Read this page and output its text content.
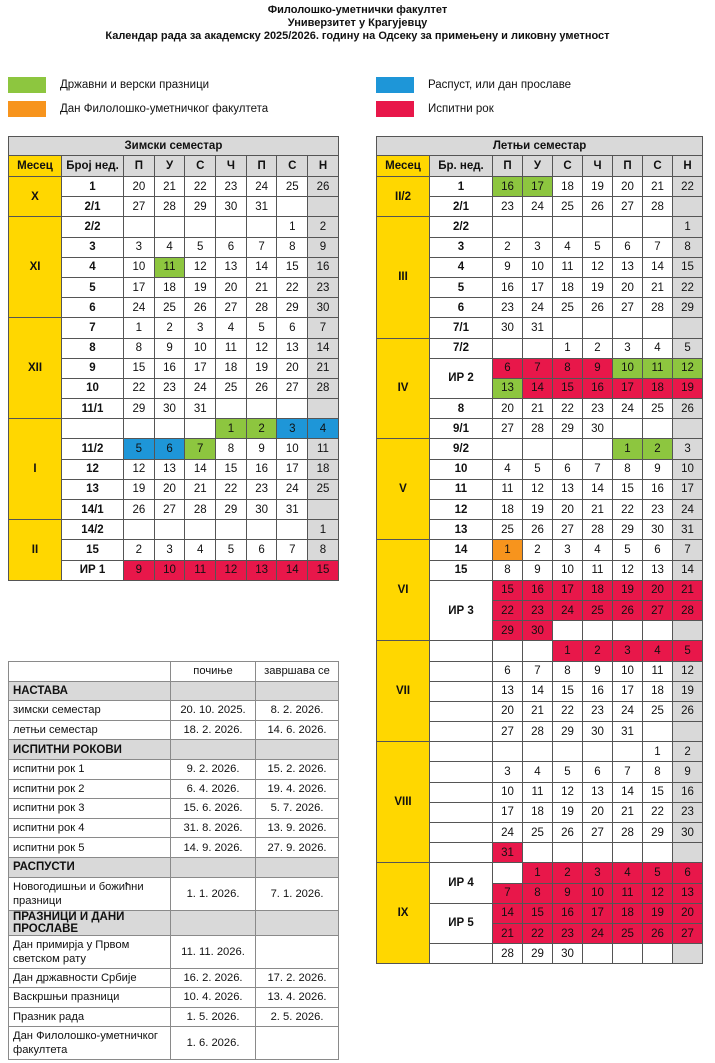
Филолошко-уметнички факултет
Универзитет у Крагујевцу
Календар рада за академску 2025/2026. годину на Одсеку за примењену и ликовну уметност
Државни и верски празници
Дан Филолошко-уметничког факултета
Распуст, или дан прославе
Испитни рок
Зимски семестар								
Месец	Број нед.	П	У	С	Ч	П	С	Н
X	1	20	21	22	23	24	25	26
	2/1	27	28	29	30	31		
XI	2/2						1	2
	3	3	4	5	6	7	8	9
	4	10	11	12	13	14	15	16
	5	17	18	19	20	21	22	23
	6	24	25	26	27	28	29	30
XII	7	1	2	3	4	5	6	7
	8	8	9	10	11	12	13	14
	9	15	16	17	18	19	20	21
	10	22	23	24	25	26	27	28
	11/1	29	30	31				
I					1	2	3	4
	11/2	5	6	7	8	9	10	11
	12	12	13	14	15	16	17	18
	13	19	20	21	22	23	24	25
	14/1	26	27	28	29	30	31	
II	14/2							1
	15	2	3	4	5	6	7	8
	ИР 1	9	10	11	12	13	14	15
Летњи семестар								
Месец	Бр. нед.	П	У	С	Ч	П	С	Н
II/2	1	16	17	18	19	20	21	22
	2/1	23	24	25	26	27	28	
III	2/2							1
	3	2	3	4	5	6	7	8
	4	9	10	11	12	13	14	15
	5	16	17	18	19	20	21	22
	6	23	24	25	26	27	28	29
	7/1	30	31					
IV	7/2			1	2	3	4	5
	ИР 2	6	7	8	9	10	11	12
		13	14	15	16	17	18	19
	8	20	21	22	23	24	25	26
	9/1	27	28	29	30			
V	9/2					1	2	3
	10	4	5	6	7	8	9	10
	11	11	12	13	14	15	16	17
	12	18	19	20	21	22	23	24
	13	25	26	27	28	29	30	31
VI	14	1	2	3	4	5	6	7
	15	8	9	10	11	12	13	14
	ИР 3	15	16	17	18	19	20	21
		22	23	24	25	26	27	28
		29	30					
VII				1	2	3	4	5
		6	7	8	9	10	11	12
		13	14	15	16	17	18	19
		20	21	22	23	24	25	26
		27	28	29	30	31		
VIII							1	2
		3	4	5	6	7	8	9
		10	11	12	13	14	15	16
		17	18	19	20	21	22	23
		24	25	26	27	28	29	30
		31						
IX	ИР 4		1	2	3	4	5	6
		7	8	9	10	11	12	13
	ИР 5	14	15	16	17	18	19	20
		21	22	23	24	25	26	27
		28	29	30				
	почиње	завршава се
НАСТАВА		
зимски семестар	20. 10. 2025.	8. 2. 2026.
летњи семестар	18. 2. 2026.	14. 6. 2026.
ИСПИТНИ РОКОВИ		
испитни рок 1	9. 2. 2026.	15. 2. 2026.
испитни рок 2	6. 4. 2026.	19. 4. 2026.
испитни рок 3	15. 6. 2026.	5. 7. 2026.
испитни рок 4	31. 8. 2026.	13. 9. 2026.
испитни рок 5	14. 9. 2026.	27. 9. 2026.
РАСПУСТИ		
Новогодишњи и божићни празници	1. 1. 2026.	7. 1. 2026.
ПРАЗНИЦИ И ДАНИ ПРОСЛАВЕ		
Дан примирја у Првом светском рату	11. 11. 2026.	
Дан државности Србије	16. 2. 2026.	17. 2. 2026.
Васкршњи празници	10. 4. 2026.	13. 4. 2026.
Празник рада	1. 5. 2026.	2. 5. 2026.
Дан Филолошко-уметничког факултета	1. 6. 2026.	
